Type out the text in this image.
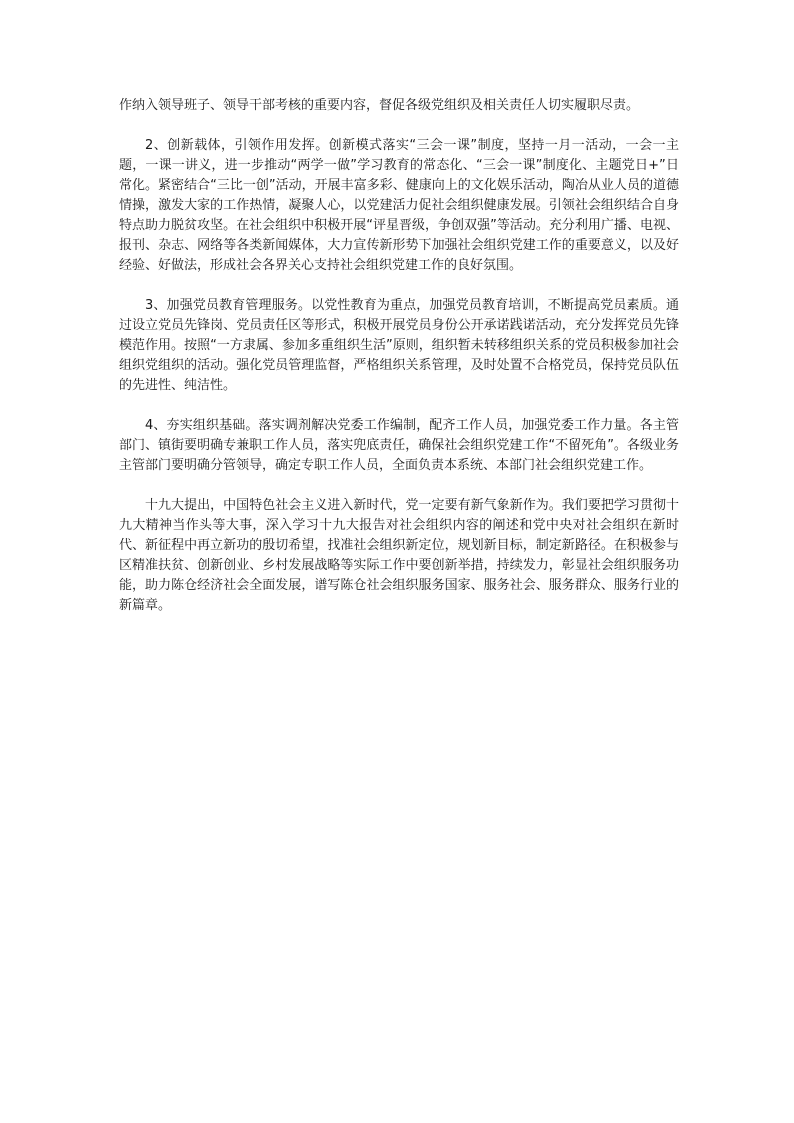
作纳入领导班子、领导干部考核的重要内容，督促各级党组织及相关责任人切实履职尽责。

2、创新载体，引领作用发挥。创新模式落实“三会一课”制度，坚持一月一活动，一会一主题，一课一讲义，进一步推动“两学一做”学习教育的常态化、“三会一课”制度化、主题党日+”日常化。紧密结合“三比一创”活动，开展丰富多彩、健康向上的文化娱乐活动，陶冶从业人员的道德情操，激发大家的工作热情，凝聚人心，以党建活力促社会组织健康发展。引领社会组织结合自身特点助力脱贫攻坚。在社会组织中积极开展“评星晋级，争创双强”等活动。充分利用广播、电视、报刊、杂志、网络等各类新闻媒体，大力宣传新形势下加强社会组织党建工作的重要意义，以及好经验、好做法，形成社会各界关心支持社会组织党建工作的良好氛围。

3、加强党员教育管理服务。以党性教育为重点，加强党员教育培训，不断提高党员素质。通过设立党员先锋岗、党员责任区等形式，积极开展党员身份公开承诺践诺活动，充分发挥党员先锋模范作用。按照“一方隶属、参加多重组织生活”原则，组织暂未转移组织关系的党员积极参加社会组织党组织的活动。强化党员管理监督，严格组织关系管理，及时处置不合格党员，保持党员队伍的先进性、纯洁性。

4、夯实组织基础。落实调剂解决党委工作编制，配齐工作人员，加强党委工作力量。各主管部门、镇街要明确专兼职工作人员，落实兜底责任，确保社会组织党建工作“不留死角”。各级业务主管部门要明确分管领导，确定专职工作人员，全面负责本系统、本部门社会组织党建工作。

十九大提出，中国特色社会主义进入新时代，党一定要有新气象新作为。我们要把学习贯彻十九大精神当作头等大事，深入学习十九大报告对社会组织内容的阐述和党中央对社会组织在新时代、新征程中再立新功的殷切希望，找准社会组织新定位，规划新目标，制定新路径。在积极参与区精准扶贫、创新创业、乡村发展战略等实际工作中要创新举措，持续发力，彰显社会组织服务功能，助力陈仓经济社会全面发展，谱写陈仓社会组织服务国家、服务社会、服务群众、服务行业的新篇章。
